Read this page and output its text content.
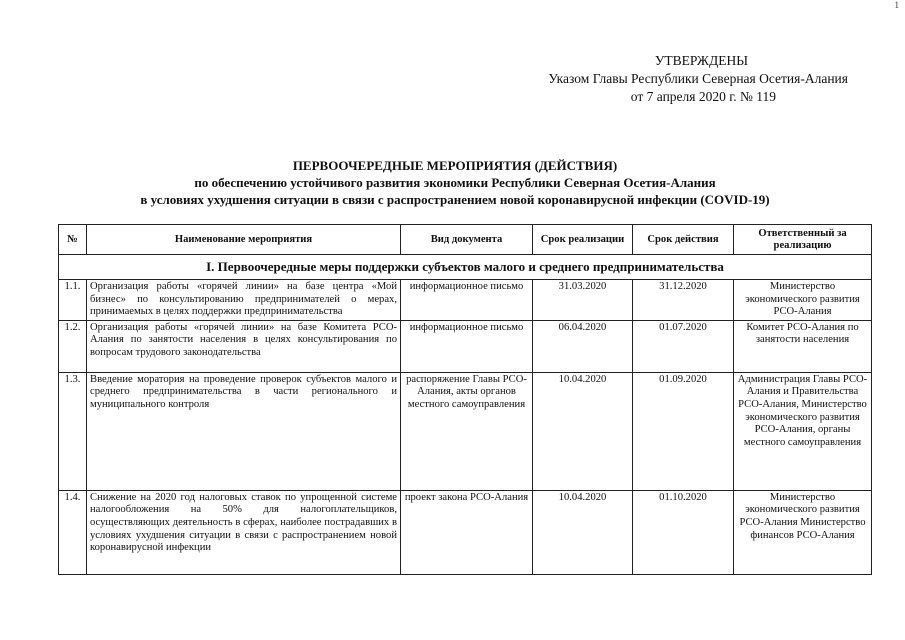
1
УТВЕРЖДЕНЫ
Указом Главы Республики Северная Осетия-Алания
от 7 апреля 2020 г. № 119
ПЕРВООЧЕРЕДНЫЕ МЕРОПРИЯТИЯ (ДЕЙСТВИЯ)
по обеспечению устойчивого развития экономики Республики Северная Осетия-Алания
в условиях ухудшения ситуации в связи с распространением новой коронавирусной инфекции (COVID-19)
№	Наименование мероприятия	Вид документа	Срок реализации	Срок действия	Ответственный за реализацию
I. Первоочередные меры поддержки субъектов малого и среднего предпринимательства					
1.1.	Организация работы «горячей линии» на базе центра «Мой бизнес» по консультированию предпринимателей о мерах, принимаемых в целях поддержки предпринимательства	информационное письмо	31.03.2020	31.12.2020	Министерство экономического развития РСО-Алания
1.2.	Организация работы «горячей линии» на базе Комитета РСО-Алания по занятости населения в целях консультирования по вопросам трудового законодательства	информационное письмо	06.04.2020	01.07.2020	Комитет РСО-Алания по занятости населения
1.3.	Введение моратория на проведение проверок субъектов малого и среднего предпринимательства в части регионального и муниципального контроля	распоряжение Главы РСО-Алания, акты органов местного самоуправления	10.04.2020	01.09.2020	Администрация Главы РСО-Алания и Правительства РСО-Алания, Министерство экономического развития РСО-Алания, органы местного самоуправления
1.4.	Снижение на 2020 год налоговых ставок по упрощенной системе налогообложения на 50% для налогоплательщиков, осуществляющих деятельность в сферах, наиболее пострадавших в условиях ухудшения ситуации в связи с распространением новой коронавирусной инфекции	проект закона РСО-Алания	10.04.2020	01.10.2020	Министерство экономического развития РСО-Алания Министерство финансов РСО-Алания
